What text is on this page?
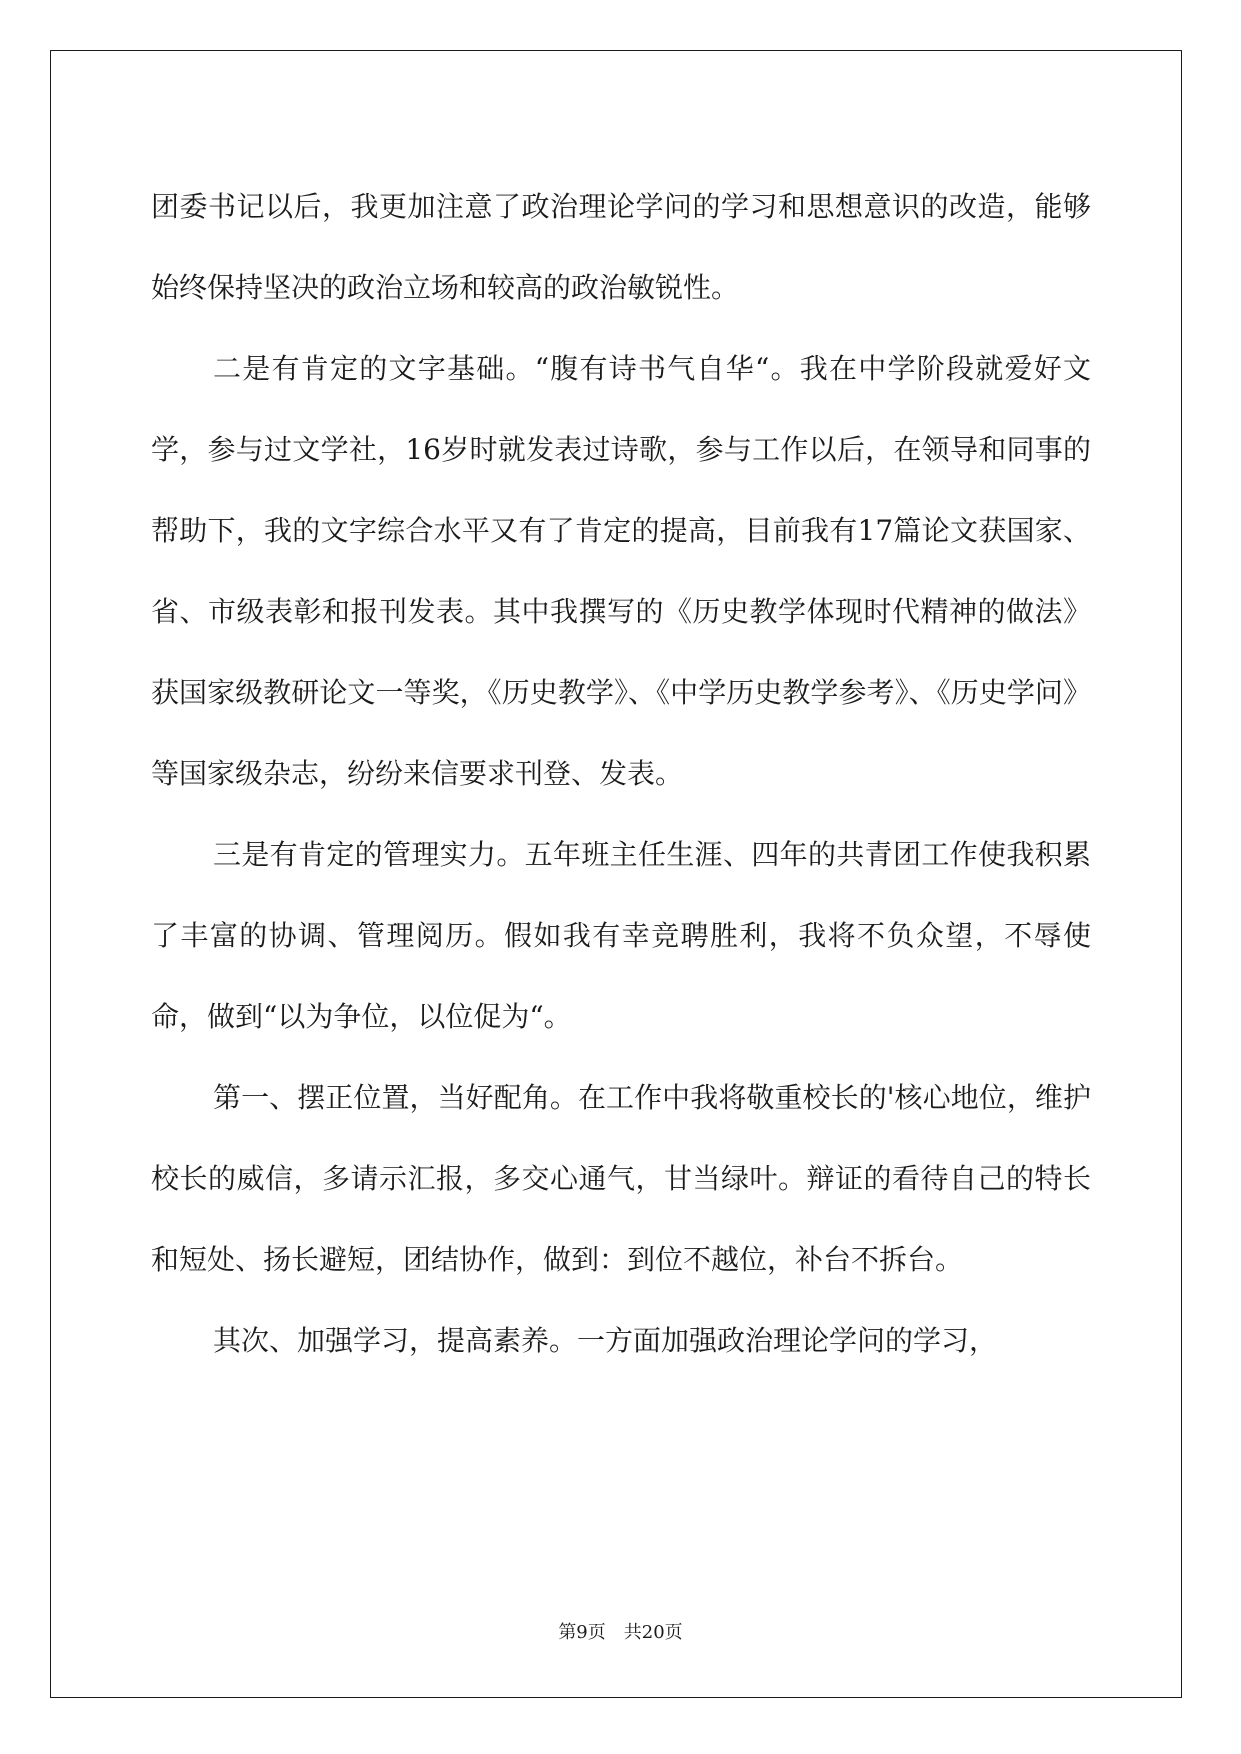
团委书记以后，我更加注意了政治理论学问的学习和思想意识的改造，能够始终保持坚决的政治立场和较高的政治敏锐性。

二是有肯定的文字基础。“腹有诗书气自华“。我在中学阶段就爱好文学，参与过文学社，16岁时就发表过诗歌，参与工作以后，在领导和同事的帮助下，我的文字综合水平又有了肯定的提高，目前我有17篇论文获国家、省、市级表彰和报刊发表。其中我撰写的《历史教学体现时代精神的做法》获国家级教研论文一等奖，《历史教学》、《中学历史教学参考》、《历史学问》等国家级杂志，纷纷来信要求刊登、发表。

三是有肯定的管理实力。五年班主任生涯、四年的共青团工作使我积累了丰富的协调、管理阅历。假如我有幸竞聘胜利，我将不负众望，不辱使命，做到“以为争位，以位促为“。

第一、摆正位置，当好配角。在工作中我将敬重校长的'核心地位，维护校长的威信，多请示汇报，多交心通气，甘当绿叶。辩证的看待自己的特长和短处、扬长避短，团结协作，做到：到位不越位，补台不拆台。

其次、加强学习，提高素养。一方面加强政治理论学问的学习，

第9页　共20页
